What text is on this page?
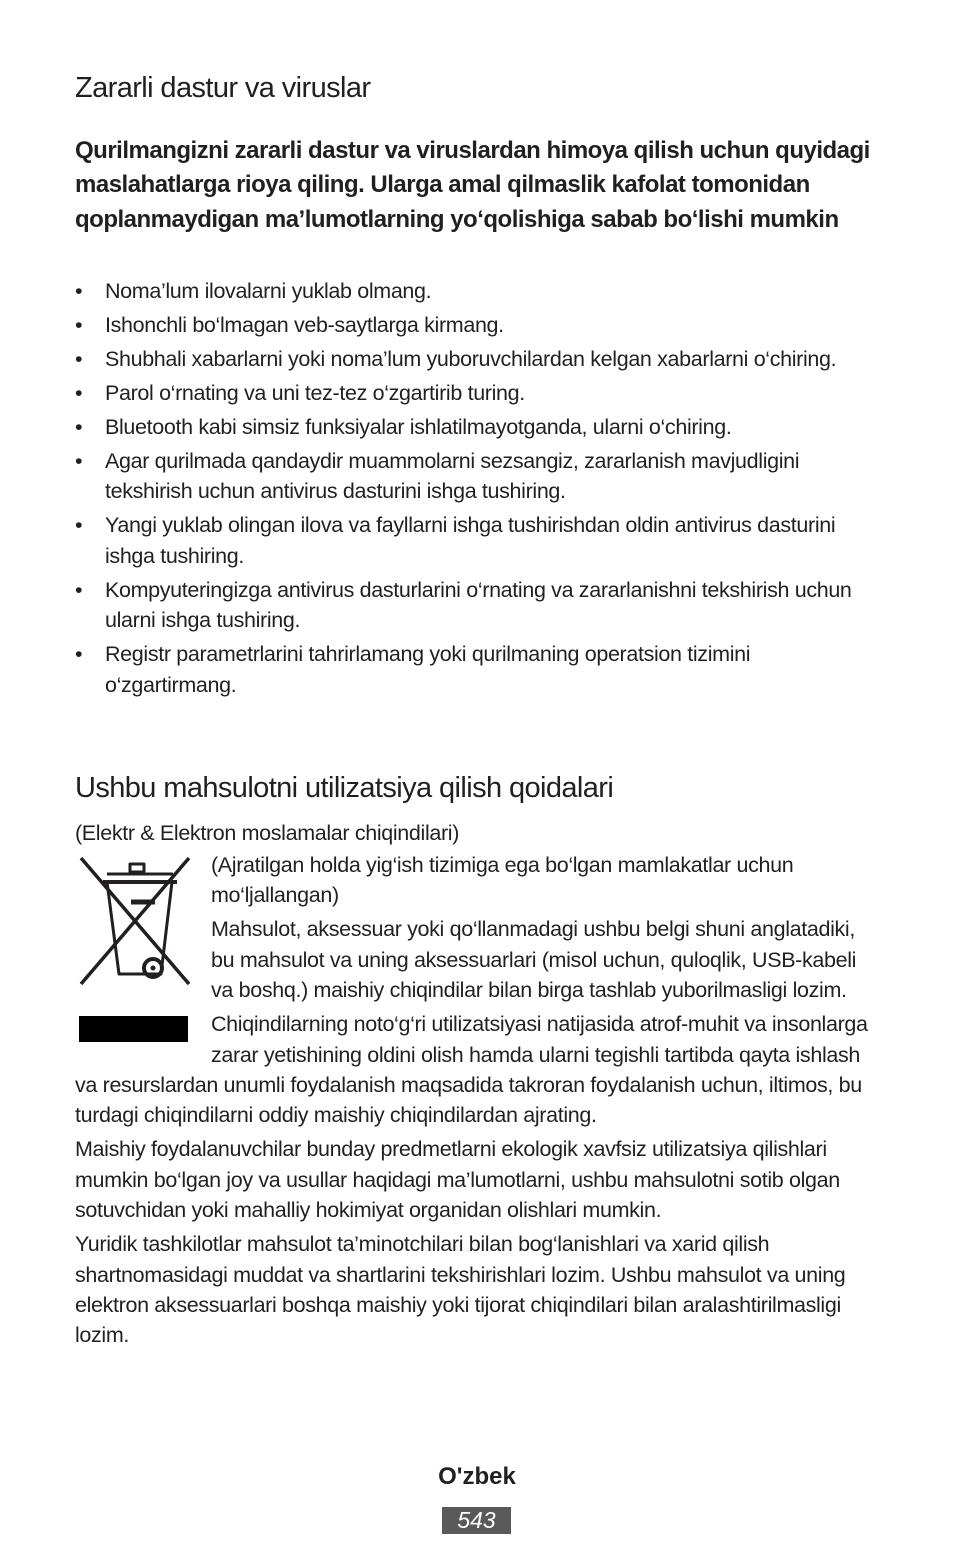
Zararli dastur va viruslar
Qurilmangizni zararli dastur va viruslardan himoya qilish uchun quyidagi maslahatlarga rioya qiling. Ularga amal qilmaslik kafolat tomonidan qoplanmaydigan ma’lumotlarning yo‘qolishiga sabab bo‘lishi mumkin
• Noma’lum ilovalarni yuklab olmang.
• Ishonchli bo‘lmagan veb-saytlarga kirmang.
• Shubhali xabarlarni yoki noma’lum yuboruvchilardan kelgan xabarlarni o‘chiring.
• Parol o‘rnating va uni tez-tez o‘zgartirib turing.
• Bluetooth kabi simsiz funksiyalar ishlatilmayotganda, ularni o‘chiring.
• Agar qurilmada qandaydir muammolarni sezsangiz, zararlanish mavjudligini tekshirish uchun antivirus dasturini ishga tushiring.
• Yangi yuklab olingan ilova va fayllarni ishga tushirishdan oldin antivirus dasturini ishga tushiring.
• Kompyuteringizga antivirus dasturlarini o‘rnating va zararlanishni tekshirish uchun ularni ishga tushiring.
• Registr parametrlarini tahrirlamang yoki qurilmaning operatsion tizimini o‘zgartirmang.
Ushbu mahsulotni utilizatsiya qilish qoidalari
(Elektr & Elektron moslamalar chiqindilari)

(Ajratilgan holda yig‘ish tizimiga ega bo‘lgan mamlakatlar uchun mo‘ljallangan)

Mahsulot, aksessuar yoki qo‘llanmadagi ushbu belgi shuni anglatadiki, bu mahsulot va uning aksessuarlari (misol uchun, quloqlik, USB-kabeli va boshq.) maishiy chiqindilar bilan birga tashlab yuborilmasligi lozim.

Chiqindilarning noto‘g‘ri utilizatsiyasi natijasida atrof-muhit va insonlarga zarar yetishining oldini olish hamda ularni tegishli tartibda qayta ishlash va resurslardan unumli foydalanish maqsadida takroran foydalanish uchun, iltimos, bu turdagi chiqindilarni oddiy maishiy chiqindilardan ajrating.

Maishiy foydalanuvchilar bunday predmetlarni ekologik xavfsiz utilizatsiya qilishlari mumkin bo‘lgan joy va usullar haqidagi ma’lumotlarni, ushbu mahsulotni sotib olgan sotuvchidan yoki mahalliy hokimiyat organidan olishlari mumkin.

Yuridik tashkilotlar mahsulot ta’minotchilari bilan bog‘lanishlari va xarid qilish shartnomasidagi muddat va shartlarini tekshirishlari lozim. Ushbu mahsulot va uning elektron aksessuarlari boshqa maishiy yoki tijorat chiqindilari bilan aralashtirilmasligi lozim.

O'zbek
543
